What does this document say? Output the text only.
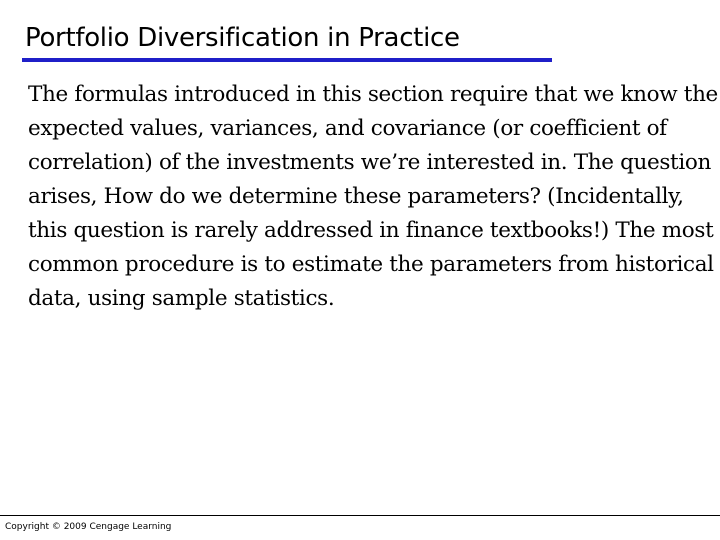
Portfolio Diversification in Practice
The formulas introduced in this section require that we know the expected values, variances, and covariance (or coefficient of correlation) of the investments we’re interested in. The question arises, How do we determine these parameters? (Incidentally, this question is rarely addressed in finance textbooks!) The most common procedure is to estimate the parameters from historical data, using sample statistics.
Copyright © 2009 Cengage Learning
